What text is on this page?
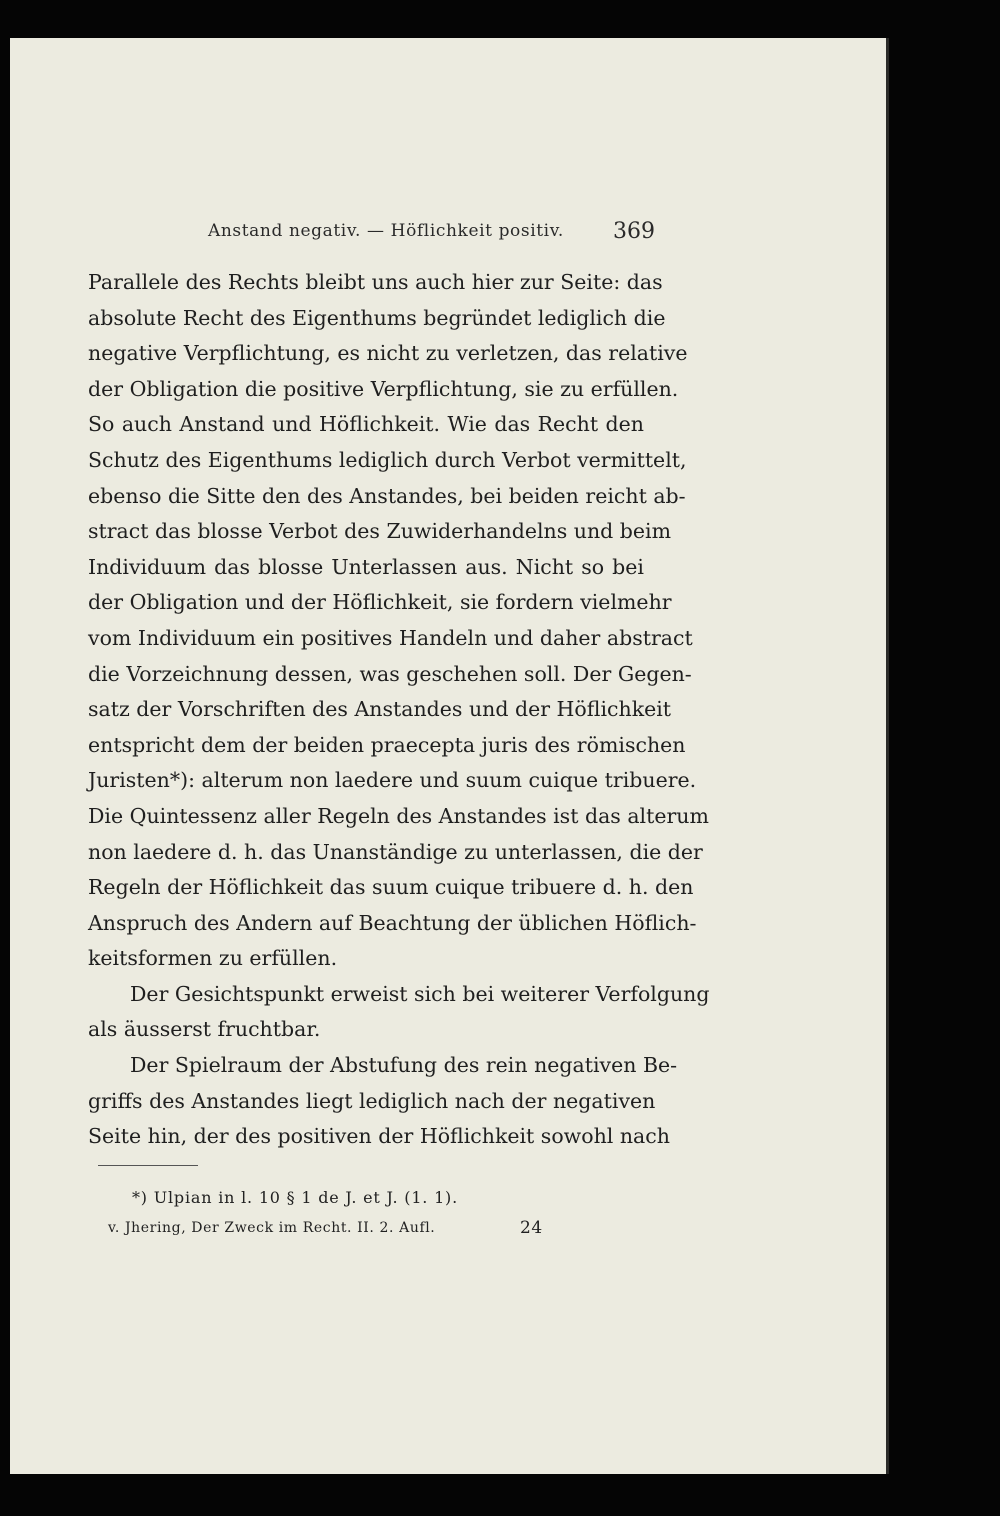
Anstand negativ. — Höflichkeit positiv. 369
Parallele des Rechts bleibt uns auch hier zur Seite: das
absolute Recht des Eigenthums begründet lediglich die
negative Verpflichtung, es nicht zu verletzen, das relative
der Obligation die positive Verpflichtung, sie zu erfüllen.
So auch Anstand und Höflichkeit. Wie das Recht den
Schutz des Eigenthums lediglich durch Verbot vermittelt,
ebenso die Sitte den des Anstandes, bei beiden reicht ab-
stract das blosse Verbot des Zuwiderhandelns und beim
Individuum das blosse Unterlassen aus. Nicht so bei
der Obligation und der Höflichkeit, sie fordern vielmehr
vom Individuum ein positives Handeln und daher abstract
die Vorzeichnung dessen, was geschehen soll. Der Gegen-
satz der Vorschriften des Anstandes und der Höflichkeit
entspricht dem der beiden praecepta juris des römischen
Juristen*): alterum non laedere und suum cuique tribuere.
Die Quintessenz aller Regeln des Anstandes ist das alterum
non laedere d. h. das Unanständige zu unterlassen, die der
Regeln der Höflichkeit das suum cuique tribuere d. h. den
Anspruch des Andern auf Beachtung der üblichen Höflich-
keitsformen zu erfüllen.
Der Gesichtspunkt erweist sich bei weiterer Verfolgung
als äusserst fruchtbar.
Der Spielraum der Abstufung des rein negativen Be-
griffs des Anstandes liegt lediglich nach der negativen
Seite hin, der des positiven der Höflichkeit sowohl nach
*) Ulpian in l. 10 § 1 de J. et J. (1. 1).
v. Jhering, Der Zweck im Recht. II. 2. Aufl.	24
